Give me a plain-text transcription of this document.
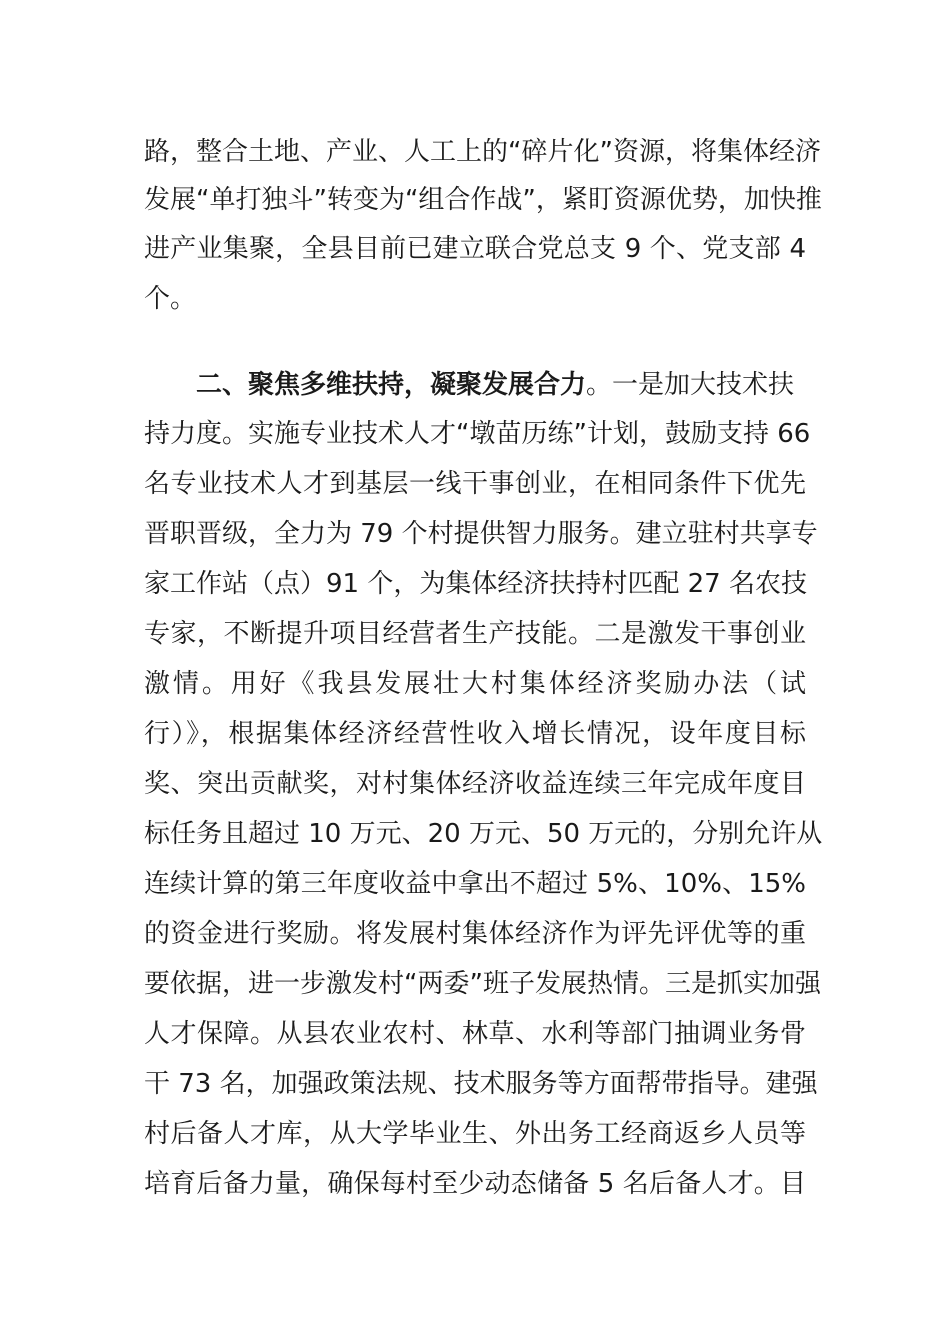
路，整合土地、产业、人工上的“碎片化”资源，将集体经济
发展“单打独斗”转变为“组合作战”，紧盯资源优势，加快推
进产业集聚，全县目前已建立联合党总支 9 个、党支部 4
个。
二、聚焦多维扶持，凝聚发展合力。一是加大技术扶
持力度。实施专业技术人才“墩苗历练”计划，鼓励支持 66
名专业技术人才到基层一线干事创业，在相同条件下优先
晋职晋级，全力为 79 个村提供智力服务。建立驻村共享专
家工作站（点）91 个，为集体经济扶持村匹配 27 名农技
专家，不断提升项目经营者生产技能。二是激发干事创业
激情。用好《我县发展壮大村集体经济奖励办法（试
行）》，根据集体经济经营性收入增长情况，设年度目标
奖、突出贡献奖，对村集体经济收益连续三年完成年度目
标任务且超过 10 万元、20 万元、50 万元的，分别允许从
连续计算的第三年度收益中拿出不超过 5%、10%、15%
的资金进行奖励。将发展村集体经济作为评先评优等的重
要依据，进一步激发村“两委”班子发展热情。三是抓实加强
人才保障。从县农业农村、林草、水利等部门抽调业务骨
干 73 名，加强政策法规、技术服务等方面帮带指导。建强
村后备人才库，从大学毕业生、外出务工经商返乡人员等
培育后备力量，确保每村至少动态储备 5 名后备人才。目
